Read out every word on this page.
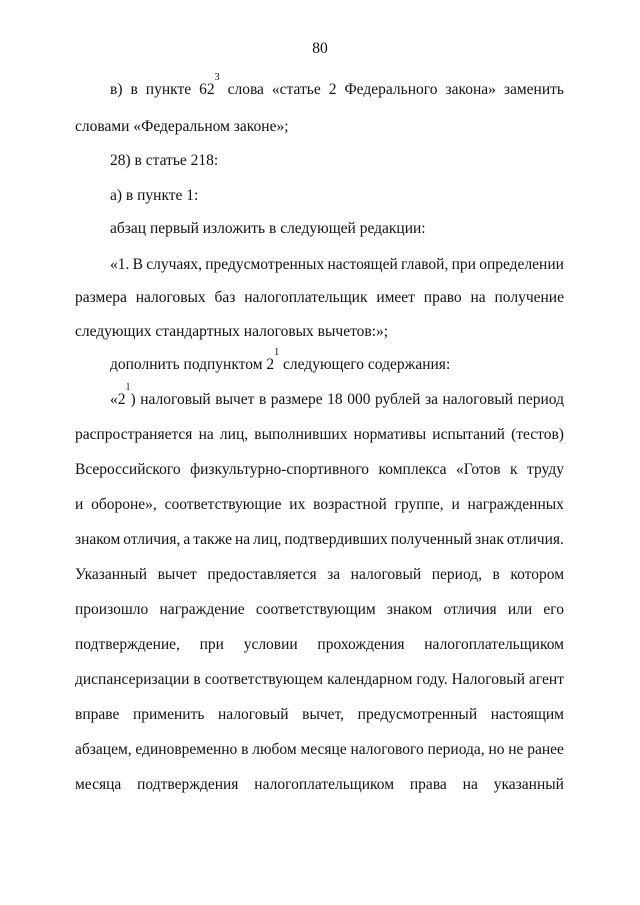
80
в) в пункте $62^3$
слова «статье 2 Федерального закона» заменить
словами «Федеральном законе»;
28) в статье 218:
а) в пункте 1:
абзац первый изложить в следующей редакции:
«1. В случаях, предусмотренных настоящей главой, при определении
размера налоговых баз налогоплательщик имеет право на получение
следующих стандартных налоговых вычетов:»;
дополнить подпунктом $2^1$ следующего содержания:
«$2^1$) налоговый вычет в размере 18 000 рублей за налоговый период
распространяется на лиц, выполнивших нормативы испытаний (тестов)
Всероссийского физкультурно-спортивного комплекса «Готов к труду
и обороне», соответствующие их возрастной группе, и награжденных
знаком отличия, а также на лиц, подтвердивших полученный знак отличия.
Указанный вычет предоставляется за налоговый период, в котором
произошло награждение соответствующим знаком отличия или его
подтверждение, при условии прохождения налогоплательщиком
диспансеризации в соответствующем календарном году. Налоговый агент
вправе применить налоговый вычет, предусмотренный настоящим
абзацем, единовременно в любом месяце налогового периода, но не ранее
месяца подтверждения налогоплательщиком права на указанный
